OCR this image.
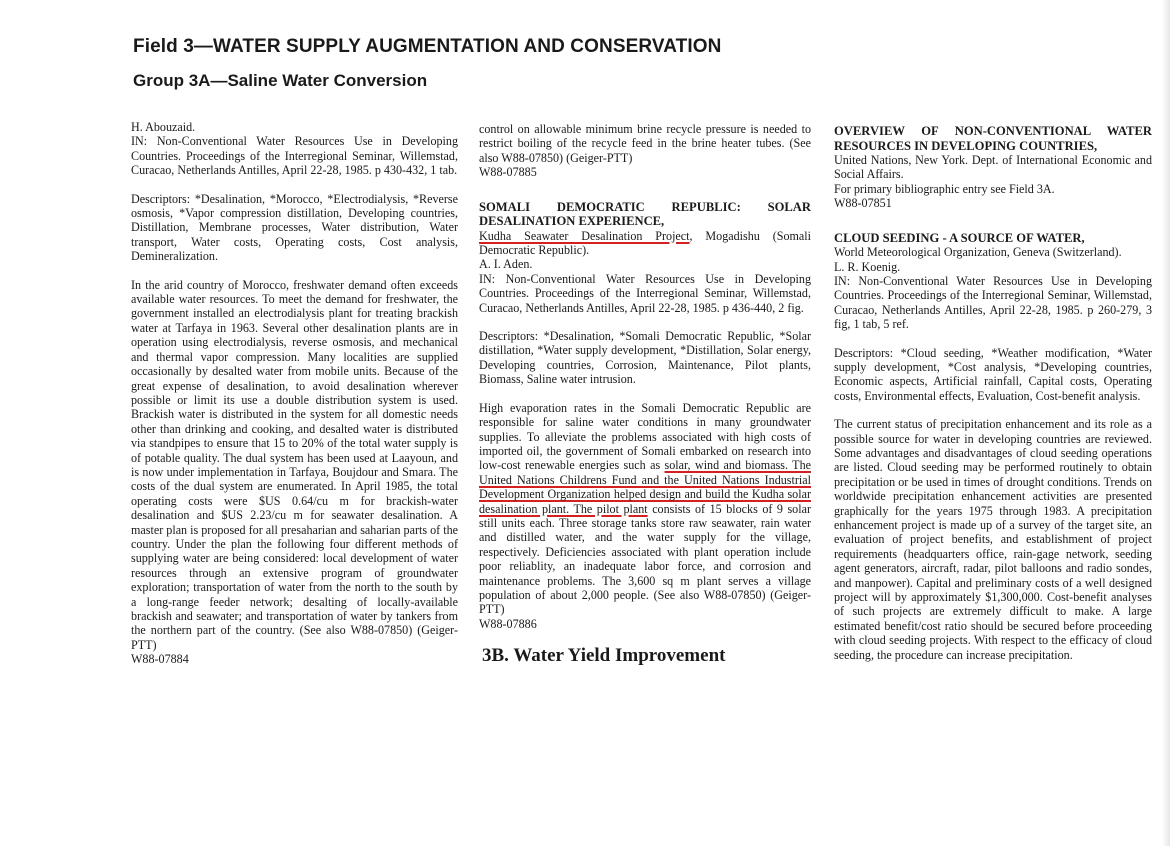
Field 3—WATER SUPPLY AUGMENTATION AND CONSERVATION
Group 3A—Saline Water Conversion

H. Abouzaid.

IN: Non-Conventional Water Resources Use in Developing Countries. Proceedings of the Interregional Seminar, Willemstad, Curacao, Netherlands Antilles, April 22-28, 1985. p 430-432, 1 tab.

Descriptors: *Desalination, *Morocco, *Electrodialysis, *Reverse osmosis, *Vapor compression distillation, Developing countries, Distillation, Membrane processes, Water distribution, Water transport, Water costs, Operating costs, Cost analysis, Demineralization.

In the arid country of Morocco, freshwater demand often exceeds available water resources. To meet the demand for freshwater, the government installed an electrodialysis plant for treating brackish water at Tarfaya in 1963. Several other desalination plants are in operation using electrodialysis, reverse osmosis, and mechanical and thermal vapor compression. Many localities are supplied occasionally by desalted water from mobile units. Because of the great expense of desalination, to avoid desalination wherever possible or limit its use a double distribution system is used. Brackish water is distributed in the system for all domestic needs other than drinking and cooking, and desalted water is distributed via standpipes to ensure that 15 to 20% of the total water supply is of potable quality. The dual system has been used at Laayoun, and is now under implementation in Tarfaya, Boujdour and Smara. The costs of the dual system are enumerated. In April 1985, the total operating costs were $US 0.64/cu m for brackish-water desalination and $US 2.23/cu m for seawater desalination. A master plan is proposed for all presaharian and saharian parts of the country. Under the plan the following four different methods of supplying water are being considered: local development of water resources through an extensive program of groundwater exploration; transportation of water from the north to the south by a long-range feeder network; desalting of locally-available brackish and seawater; and transportation of water by tankers from the northern part of the country. (See also W88-07850) (Geiger-PTT)

W88-07884

control on allowable minimum brine recycle pressure is needed to restrict boiling of the recycle feed in the brine heater tubes. (See also W88-07850) (Geiger-PTT)

W88-07885

SOMALI DEMOCRATIC REPUBLIC: SOLAR DESALINATION EXPERIENCE,

Kudha Seawater Desalination Project, Mogadishu (Somali Democratic Republic).

A. I. Aden.

IN: Non-Conventional Water Resources Use in Developing Countries. Proceedings of the Interregional Seminar, Willemstad, Curacao, Netherlands Antilles, April 22-28, 1985. p 436-440, 2 fig.

Descriptors: *Desalination, *Somali Democratic Republic, *Solar distillation, *Water supply development, *Distillation, Solar energy, Developing countries, Corrosion, Maintenance, Pilot plants, Biomass, Saline water intrusion.

High evaporation rates in the Somali Democratic Republic are responsible for saline water conditions in many groundwater supplies. To alleviate the problems associated with high costs of imported oil, the government of Somali embarked on research into low-cost renewable energies such as solar, wind and biomass. The United Nations Childrens Fund and the United Nations Industrial Development Organization helped design and build the Kudha solar desalination plant. The pilot plant consists of 15 blocks of 9 solar still units each. Three storage tanks store raw seawater, rain water and distilled water, and the water supply for the village, respectively. Deficiencies associated with plant operation include poor reliablity, an inadequate labor force, and corrosion and maintenance problems. The 3,600 sq m plant serves a village population of about 2,000 people. (See also W88-07850) (Geiger-PTT)

W88-07886

3B. Water Yield Improvement

OVERVIEW OF NON-CONVENTIONAL WATER RESOURCES IN DEVELOPING COUNTRIES,

United Nations, New York. Dept. of International Economic and Social Affairs.

For primary bibliographic entry see Field 3A.

W88-07851

CLOUD SEEDING - A SOURCE OF WATER,

World Meteorological Organization, Geneva (Switzerland).

L. R. Koenig.

IN: Non-Conventional Water Resources Use in Developing Countries. Proceedings of the Interregional Seminar, Willemstad, Curacao, Netherlands Antilles, April 22-28, 1985. p 260-279, 3 fig, 1 tab, 5 ref.

Descriptors: *Cloud seeding, *Weather modification, *Water supply development, *Cost analysis, *Developing countries, Economic aspects, Artificial rainfall, Capital costs, Operating costs, Environmental effects, Evaluation, Cost-benefit analysis.

The current status of precipitation enhancement and its role as a possible source for water in developing countries are reviewed. Some advantages and disadvantages of cloud seeding operations are listed. Cloud seeding may be performed routinely to obtain precipitation or be used in times of drought conditions. Trends on worldwide precipitation enhancement activities are presented graphically for the years 1975 through 1983. A precipitation enhancement project is made up of a survey of the target site, an evaluation of project benefits, and establishment of project requirements (headquarters office, rain-gage network, seeding agent generators, aircraft, radar, pilot balloons and radio sondes, and manpower). Capital and preliminary costs of a well designed project will by approximately $1,300,000. Cost-benefit analyses of such projects are extremely difficult to make. A large estimated benefit/cost ratio should be secured before proceeding with cloud seeding projects. With respect to the efficacy of cloud seeding, the procedure can increase precipitation.
